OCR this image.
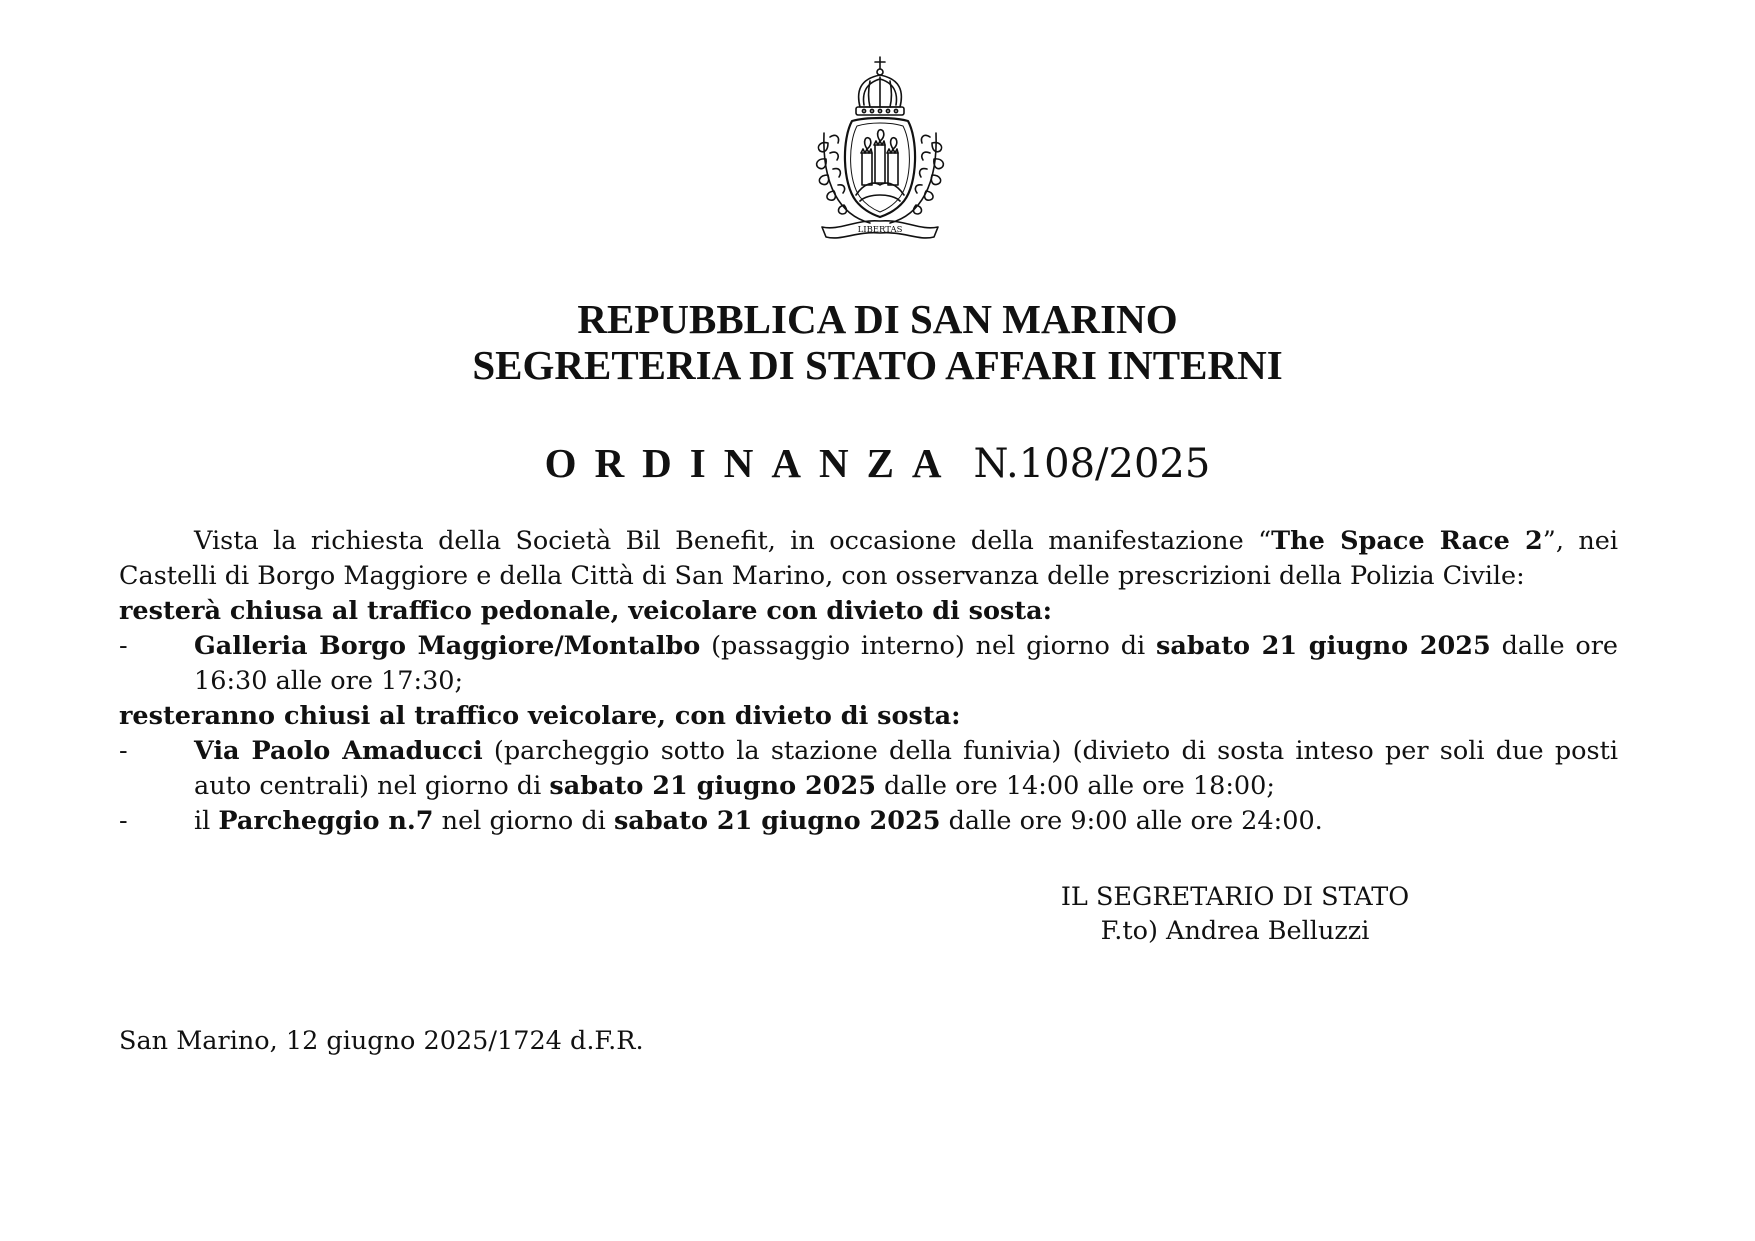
LIBERTAS
REPUBBLICA DI SAN MARINO
SEGRETERIA DI STATO AFFARI INTERNI
ORDINANZA N.108/2025

Vista la richiesta della Società Bil Benefit, in occasione della manifestazione “The Space Race 2”, nei Castelli di Borgo Maggiore e della Città di San Marino, con osservanza delle prescrizioni della Polizia Civile:

resterà chiusa al traffico pedonale, veicolare con divieto di sosta:

-	Galleria Borgo Maggiore/Montalbo (passaggio interno) nel giorno di sabato 21 giugno 2025 dalle ore 16:30 alle ore 17:30;

resteranno chiusi al traffico veicolare, con divieto di sosta:

-	Via Paolo Amaducci (parcheggio sotto la stazione della funivia) (divieto di sosta inteso per soli due posti auto centrali) nel giorno di sabato 21 giugno 2025 dalle ore 14:00 alle ore 18:00;

-	il Parcheggio n.7 nel giorno di sabato 21 giugno 2025 dalle ore 9:00 alle ore 24:00.

IL SEGRETARIO DI STATO
F.to) Andrea Belluzzi
San Marino, 12 giugno 2025/1724 d.F.R.
